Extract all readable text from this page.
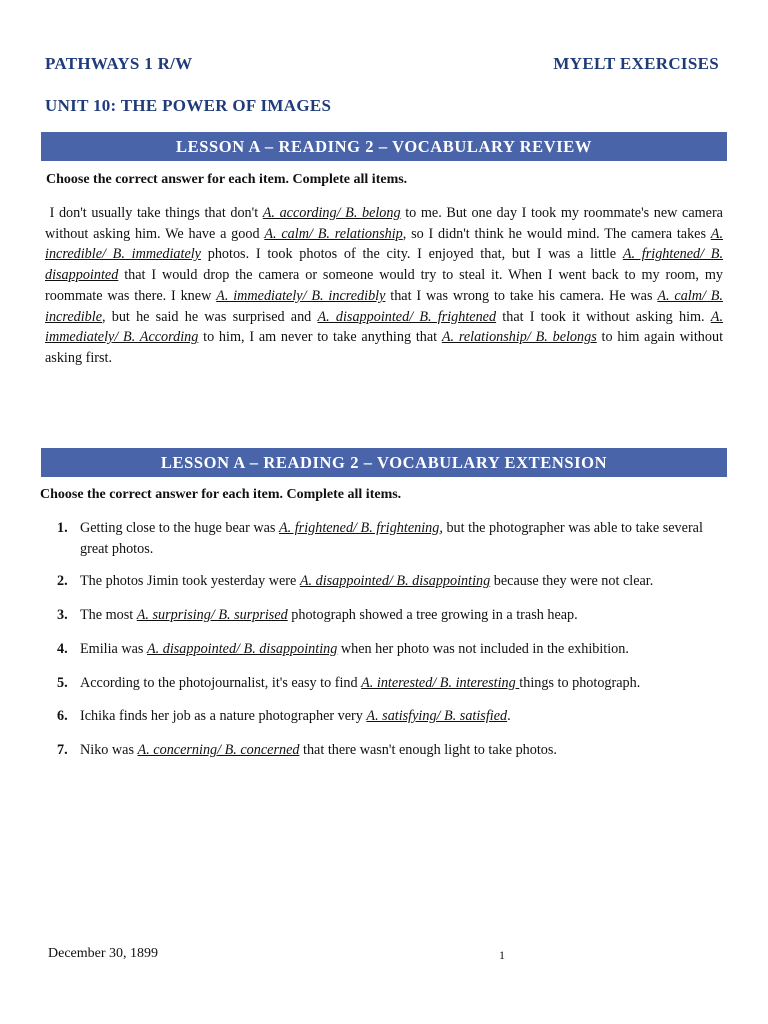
PATHWAYS 1 R/W	MYELT EXERCISES
UNIT 10: THE POWER OF IMAGES
LESSON A – READING 2 – VOCABULARY REVIEW
Choose the correct answer for each item. Complete all items.
I don't usually take things that don't A. according/ B. belong to me. But one day I took my roommate's new camera without asking him. We have a good A. calm/ B. relationship, so I didn't think he would mind. The camera takes A. incredible/ B. immediately photos. I took photos of the city. I enjoyed that, but I was a little A. frightened/ B. disappointed that I would drop the camera or someone would try to steal it. When I went back to my room, my roommate was there. I knew A. immediately/ B. incredibly that I was wrong to take his camera. He was A. calm/ B. incredible, but he said he was surprised and A. disappointed/ B. frightened that I took it without asking him. A. immediately/ B. According to him, I am never to take anything that A. relationship/ B. belongs to him again without asking first.
LESSON A – READING 2 – VOCABULARY EXTENSION
Choose the correct answer for each item. Complete all items.
1. Getting close to the huge bear was A. frightened/ B. frightening, but the photographer was able to take several great photos.
2. The photos Jimin took yesterday were A. disappointed/ B. disappointing because they were not clear.
3. The most A. surprising/ B. surprised photograph showed a tree growing in a trash heap.
4. Emilia was A. disappointed/ B. disappointing when her photo was not included in the exhibition.
5. According to the photojournalist, it's easy to find A. interested/ B. interesting things to photograph.
6. Ichika finds her job as a nature photographer very A. satisfying/ B. satisfied.
7. Niko was A. concerning/ B. concerned that there wasn't enough light to take photos.
December 30, 1899	1
